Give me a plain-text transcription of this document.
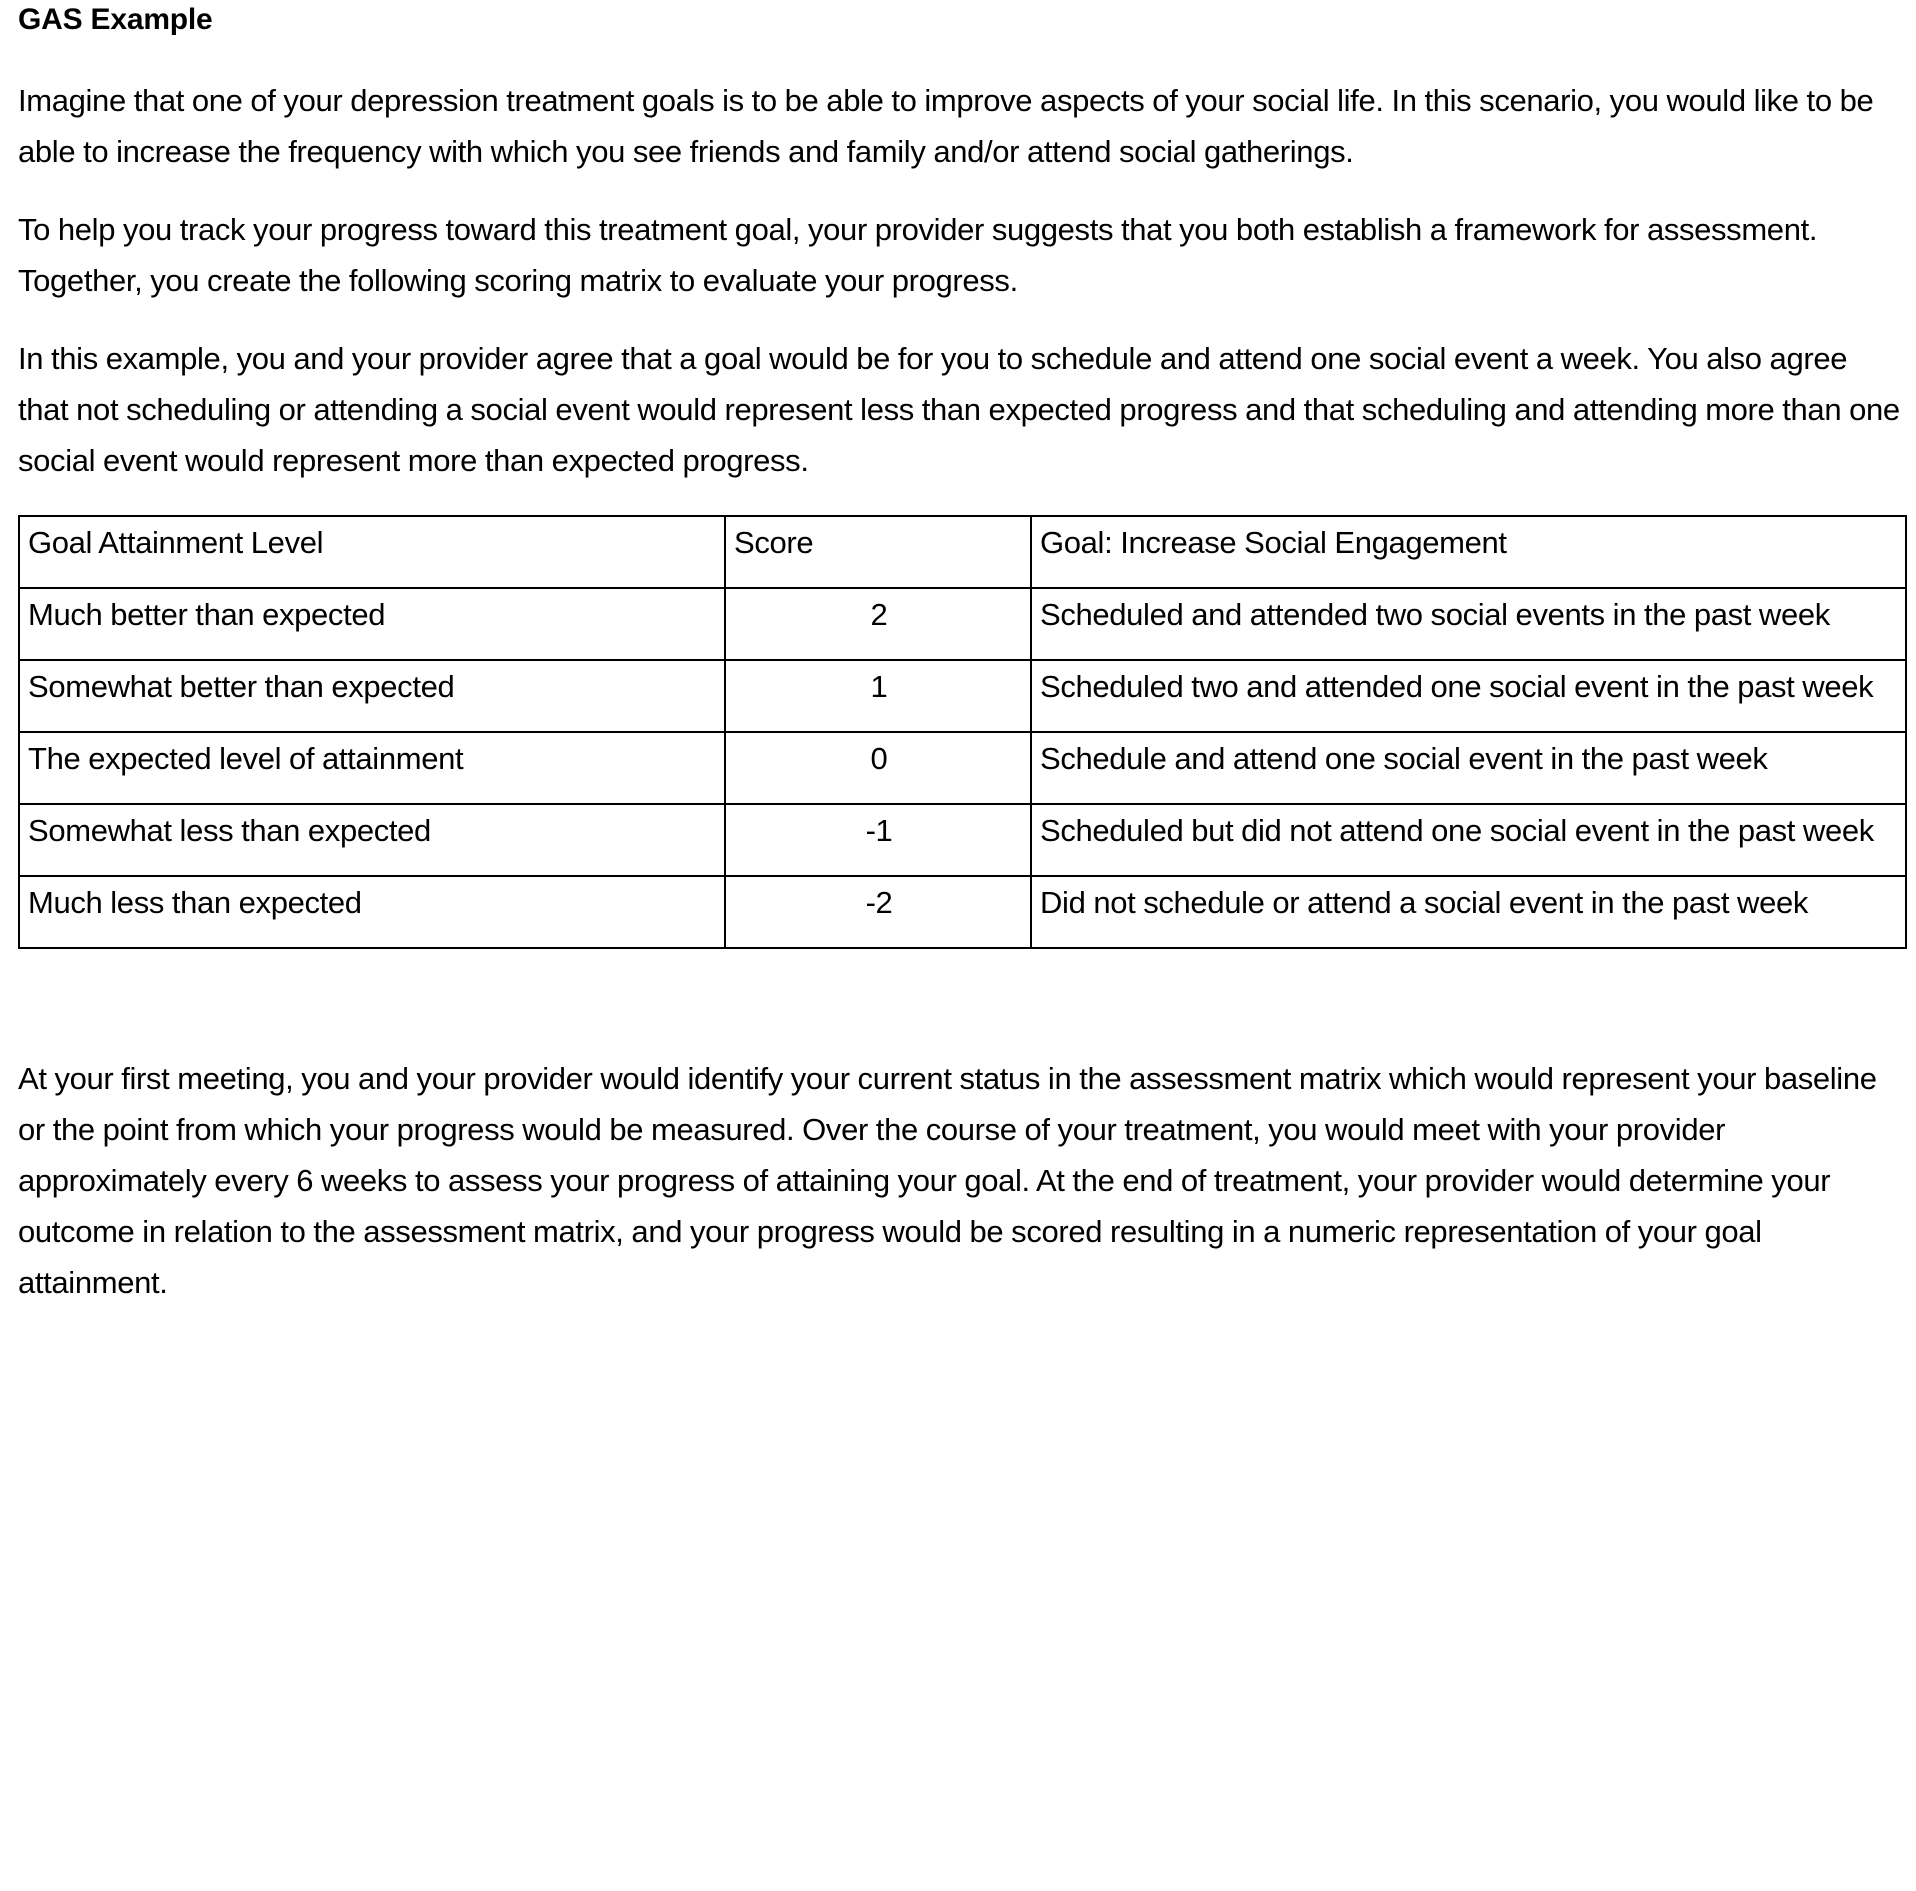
GAS Example

Imagine that one of your depression treatment goals is to be able to improve aspects of your social life. In this scenario, you would like to be able to increase the frequency with which you see friends and family and/or attend social gatherings.

To help you track your progress toward this treatment goal, your provider suggests that you both establish a framework for assessment. Together, you create the following scoring matrix to evaluate your progress.

In this example, you and your provider agree that a goal would be for you to schedule and attend one social event a week. You also agree that not scheduling or attending a social event would represent less than expected progress and that scheduling and attending more than one social event would represent more than expected progress.

Goal Attainment Level	Score	Goal: Increase Social Engagement
Much better than expected	2	Scheduled and attended two social events in the past week
Somewhat better than expected	1	Scheduled two and attended one social event in the past week
The expected level of attainment	0	Schedule and attend one social event in the past week
Somewhat less than expected	-1	Scheduled but did not attend one social event in the past week
Much less than expected	-2	Did not schedule or attend a social event in the past week

At your first meeting, you and your provider would identify your current status in the assessment matrix which would represent your baseline or the point from which your progress would be measured. Over the course of your treatment, you would meet with your provider approximately every 6 weeks to assess your progress of attaining your goal. At the end of treatment, your provider would determine your outcome in relation to the assessment matrix, and your progress would be scored resulting in a numeric representation of your goal attainment.
